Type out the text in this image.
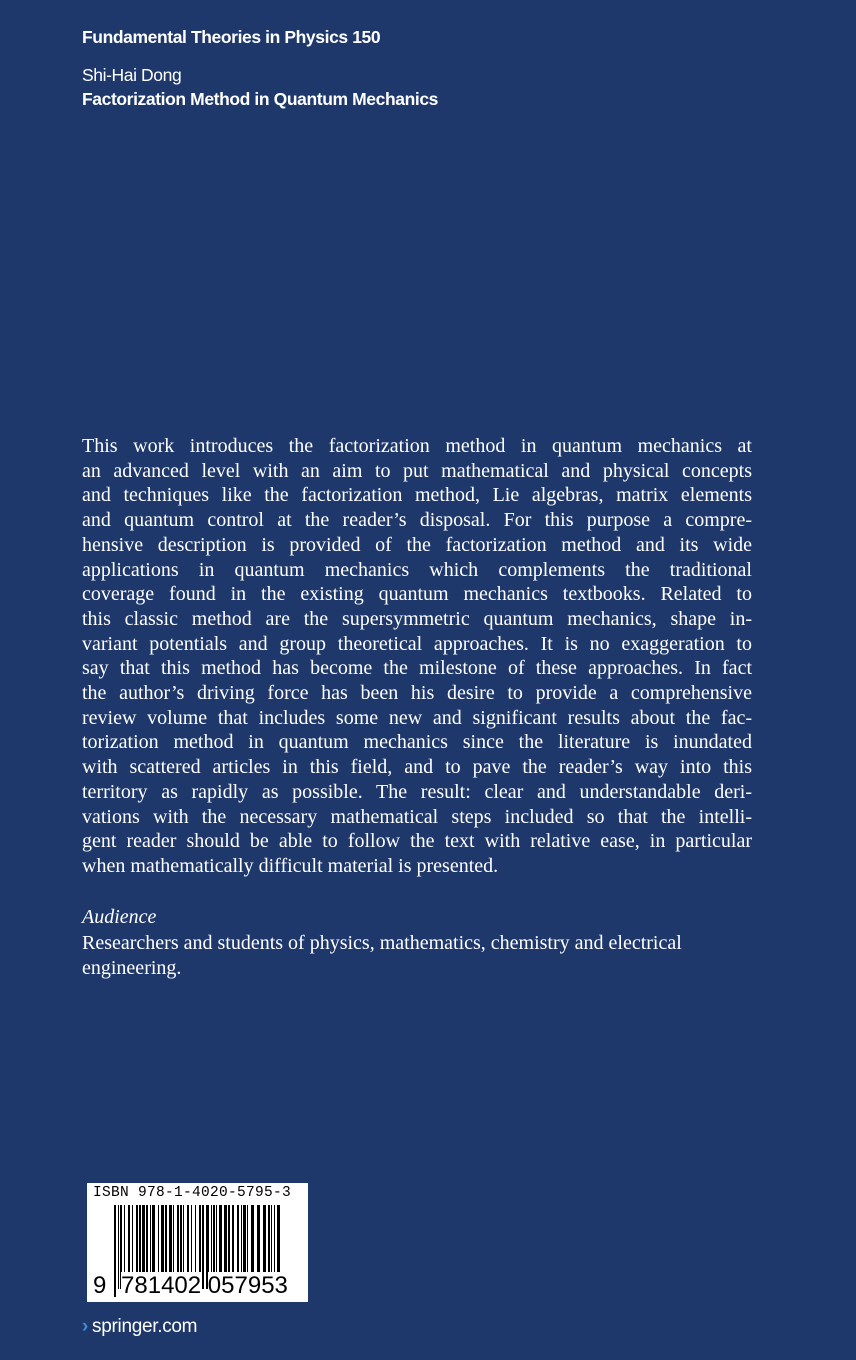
Fundamental Theories in Physics 150
Shi-Hai Dong
Factorization Method in Quantum Mechanics
This work introduces the factorization method in quantum mechanics at
an advanced level with an aim to put mathematical and physical concepts
and techniques like the factorization method, Lie algebras, matrix elements
and quantum control at the reader’s disposal. For this purpose a compre-
hensive description is provided of the factorization method and its wide
applications in quantum mechanics which complements the traditional
coverage found in the existing quantum mechanics textbooks. Related to
this classic method are the supersymmetric quantum mechanics, shape in-
variant potentials and group theoretical approaches. It is no exaggeration to
say that this method has become the milestone of these approaches. In fact
the author’s driving force has been his desire to provide a comprehensive
review volume that includes some new and significant results about the fac-
torization method in quantum mechanics since the literature is inundated
with scattered articles in this field, and to pave the reader’s way into this
territory as rapidly as possible. The result: clear and understandable deri-
vations with the necessary mathematical steps included so that the intelli-
gent reader should be able to follow the text with relative ease, in particular
when mathematically difficult material is presented.
Audience
Researchers and students of physics, mathematics, chemistry and electrical engineering.
ISBN 978-1-4020-5795-3
9 781402 057953
› springer.com
